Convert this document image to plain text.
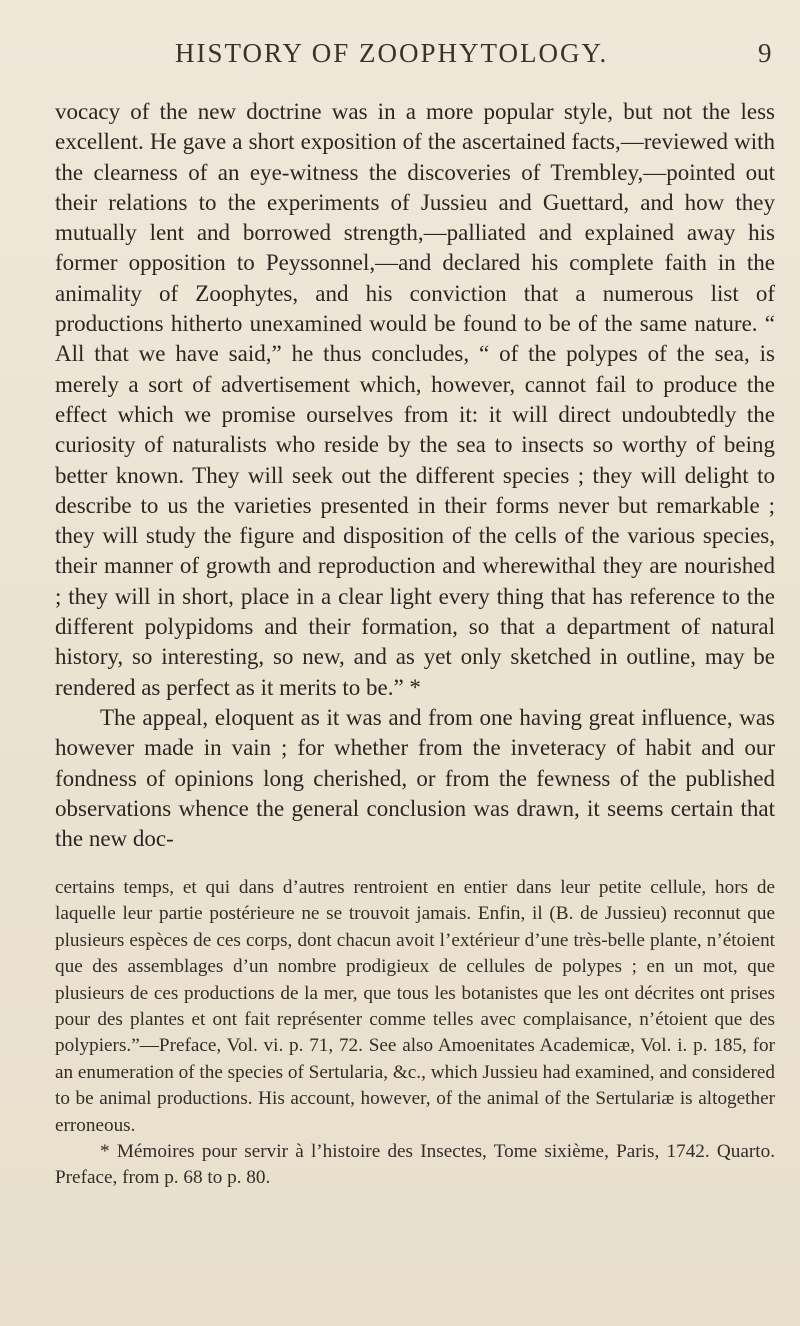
HISTORY OF ZOOPHYTOLOGY.	9

vocacy of the new doctrine was in a more popular style, but not the less excellent. He gave a short exposition of the ascertained facts,—reviewed with the clearness of an eye-witness the discoveries of Trembley,—pointed out their relations to the experiments of Jussieu and Guettard, and how they mutually lent and borrowed strength,—palliated and explained away his former opposition to Peyssonnel,—and declared his complete faith in the animality of Zoophytes, and his conviction that a numerous list of productions hitherto unexamined would be found to be of the same nature. “ All that we have said,” he thus concludes, “ of the polypes of the sea, is merely a sort of advertisement which, however, cannot fail to produce the effect which we promise ourselves from it: it will direct undoubtedly the curiosity of naturalists who reside by the sea to insects so worthy of being better known. They will seek out the different species ; they will delight to describe to us the varieties presented in their forms never but remarkable ; they will study the figure and disposition of the cells of the various species, their manner of growth and reproduction and wherewithal they are nourished ; they will in short, place in a clear light every thing that has reference to the different polypidoms and their formation, so that a department of natural history, so interesting, so new, and as yet only sketched in outline, may be rendered as perfect as it merits to be.” *

The appeal, eloquent as it was and from one having great influence, was however made in vain ; for whether from the inveteracy of habit and our fondness of opinions long cherished, or from the fewness of the published observations whence the general conclusion was drawn, it seems certain that the new doc-

certains temps, et qui dans d’autres rentroient en entier dans leur petite cellule, hors de laquelle leur partie postérieure ne se trouvoit jamais. Enfin, il (B. de Jussieu) reconnut que plusieurs espèces de ces corps, dont chacun avoit l’extérieur d’une très-belle plante, n’étoient que des assemblages d’un nombre prodigieux de cellules de polypes ; en un mot, que plusieurs de ces productions de la mer, que tous les botanistes que les ont décrites ont prises pour des plantes et ont fait représenter comme telles avec complaisance, n’étoient que des polypiers.”—Preface, Vol. vi. p. 71, 72. See also Amoenitates Academicæ, Vol. i. p. 185, for an enumeration of the species of Sertularia, &c., which Jussieu had examined, and considered to be animal productions. His account, however, of the animal of the Sertulariæ is altogether erroneous.

* Mémoires pour servir à l’histoire des Insectes, Tome sixième, Paris, 1742. Quarto. Preface, from p. 68 to p. 80.
